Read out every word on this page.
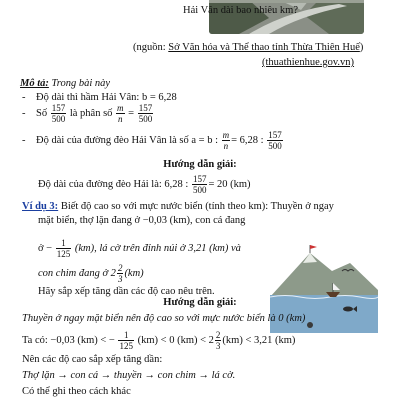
Hải Vân dài bao nhiêu km?
(nguồn: Sở Văn hóa và Thể thao tỉnh Thừa Thiên Huế)
(thuathienhue.gov.vn)
Mô tả: Trong bài này
- Độ dài thì hầm Hải Vân: b = 6,28
- Số $\frac{157}{500}$ là phân số $\frac{m}{n} = \frac{157}{500}$
- Độ dài của đường đèo Hải Vân là số a = b : $\frac{m}{n} = 6,28$ : $\frac{157}{500}$
Hướng dẫn giải:
Độ dài của đường đèo Hải là: 6,28 : $\frac{157}{500} = 20$ (km)
Ví dụ 3: Biết độ cao so với mực nước biển (tính theo km): Thuyền ở ngay
mặt biển, thợ lặn đang ở −0,03 (km), con cá đang
ở − $\frac{1}{125} (km)$, lá cờ trên đỉnh núi ở 3,21 (km) và
con chim đang ở $2 \frac{2}{3} (km)$
Hãy sắp xếp tăng dần các độ cao nêu trên.
Hướng dẫn giải:
Thuyền ở ngay mặt biển nên độ cao so với mực nước biển là 0 (km)
Ta có: −0,03 (km) < − $\frac{1}{125} (km) < 0$ $(km) < 2 \frac{2}{3} (km) < 3,21$ (km)
Nên các độ cao sắp xếp tăng dần:
Thợ lặn → con cá → thuyền → con chim → lá cờ.
Có thể ghi theo cách khác
